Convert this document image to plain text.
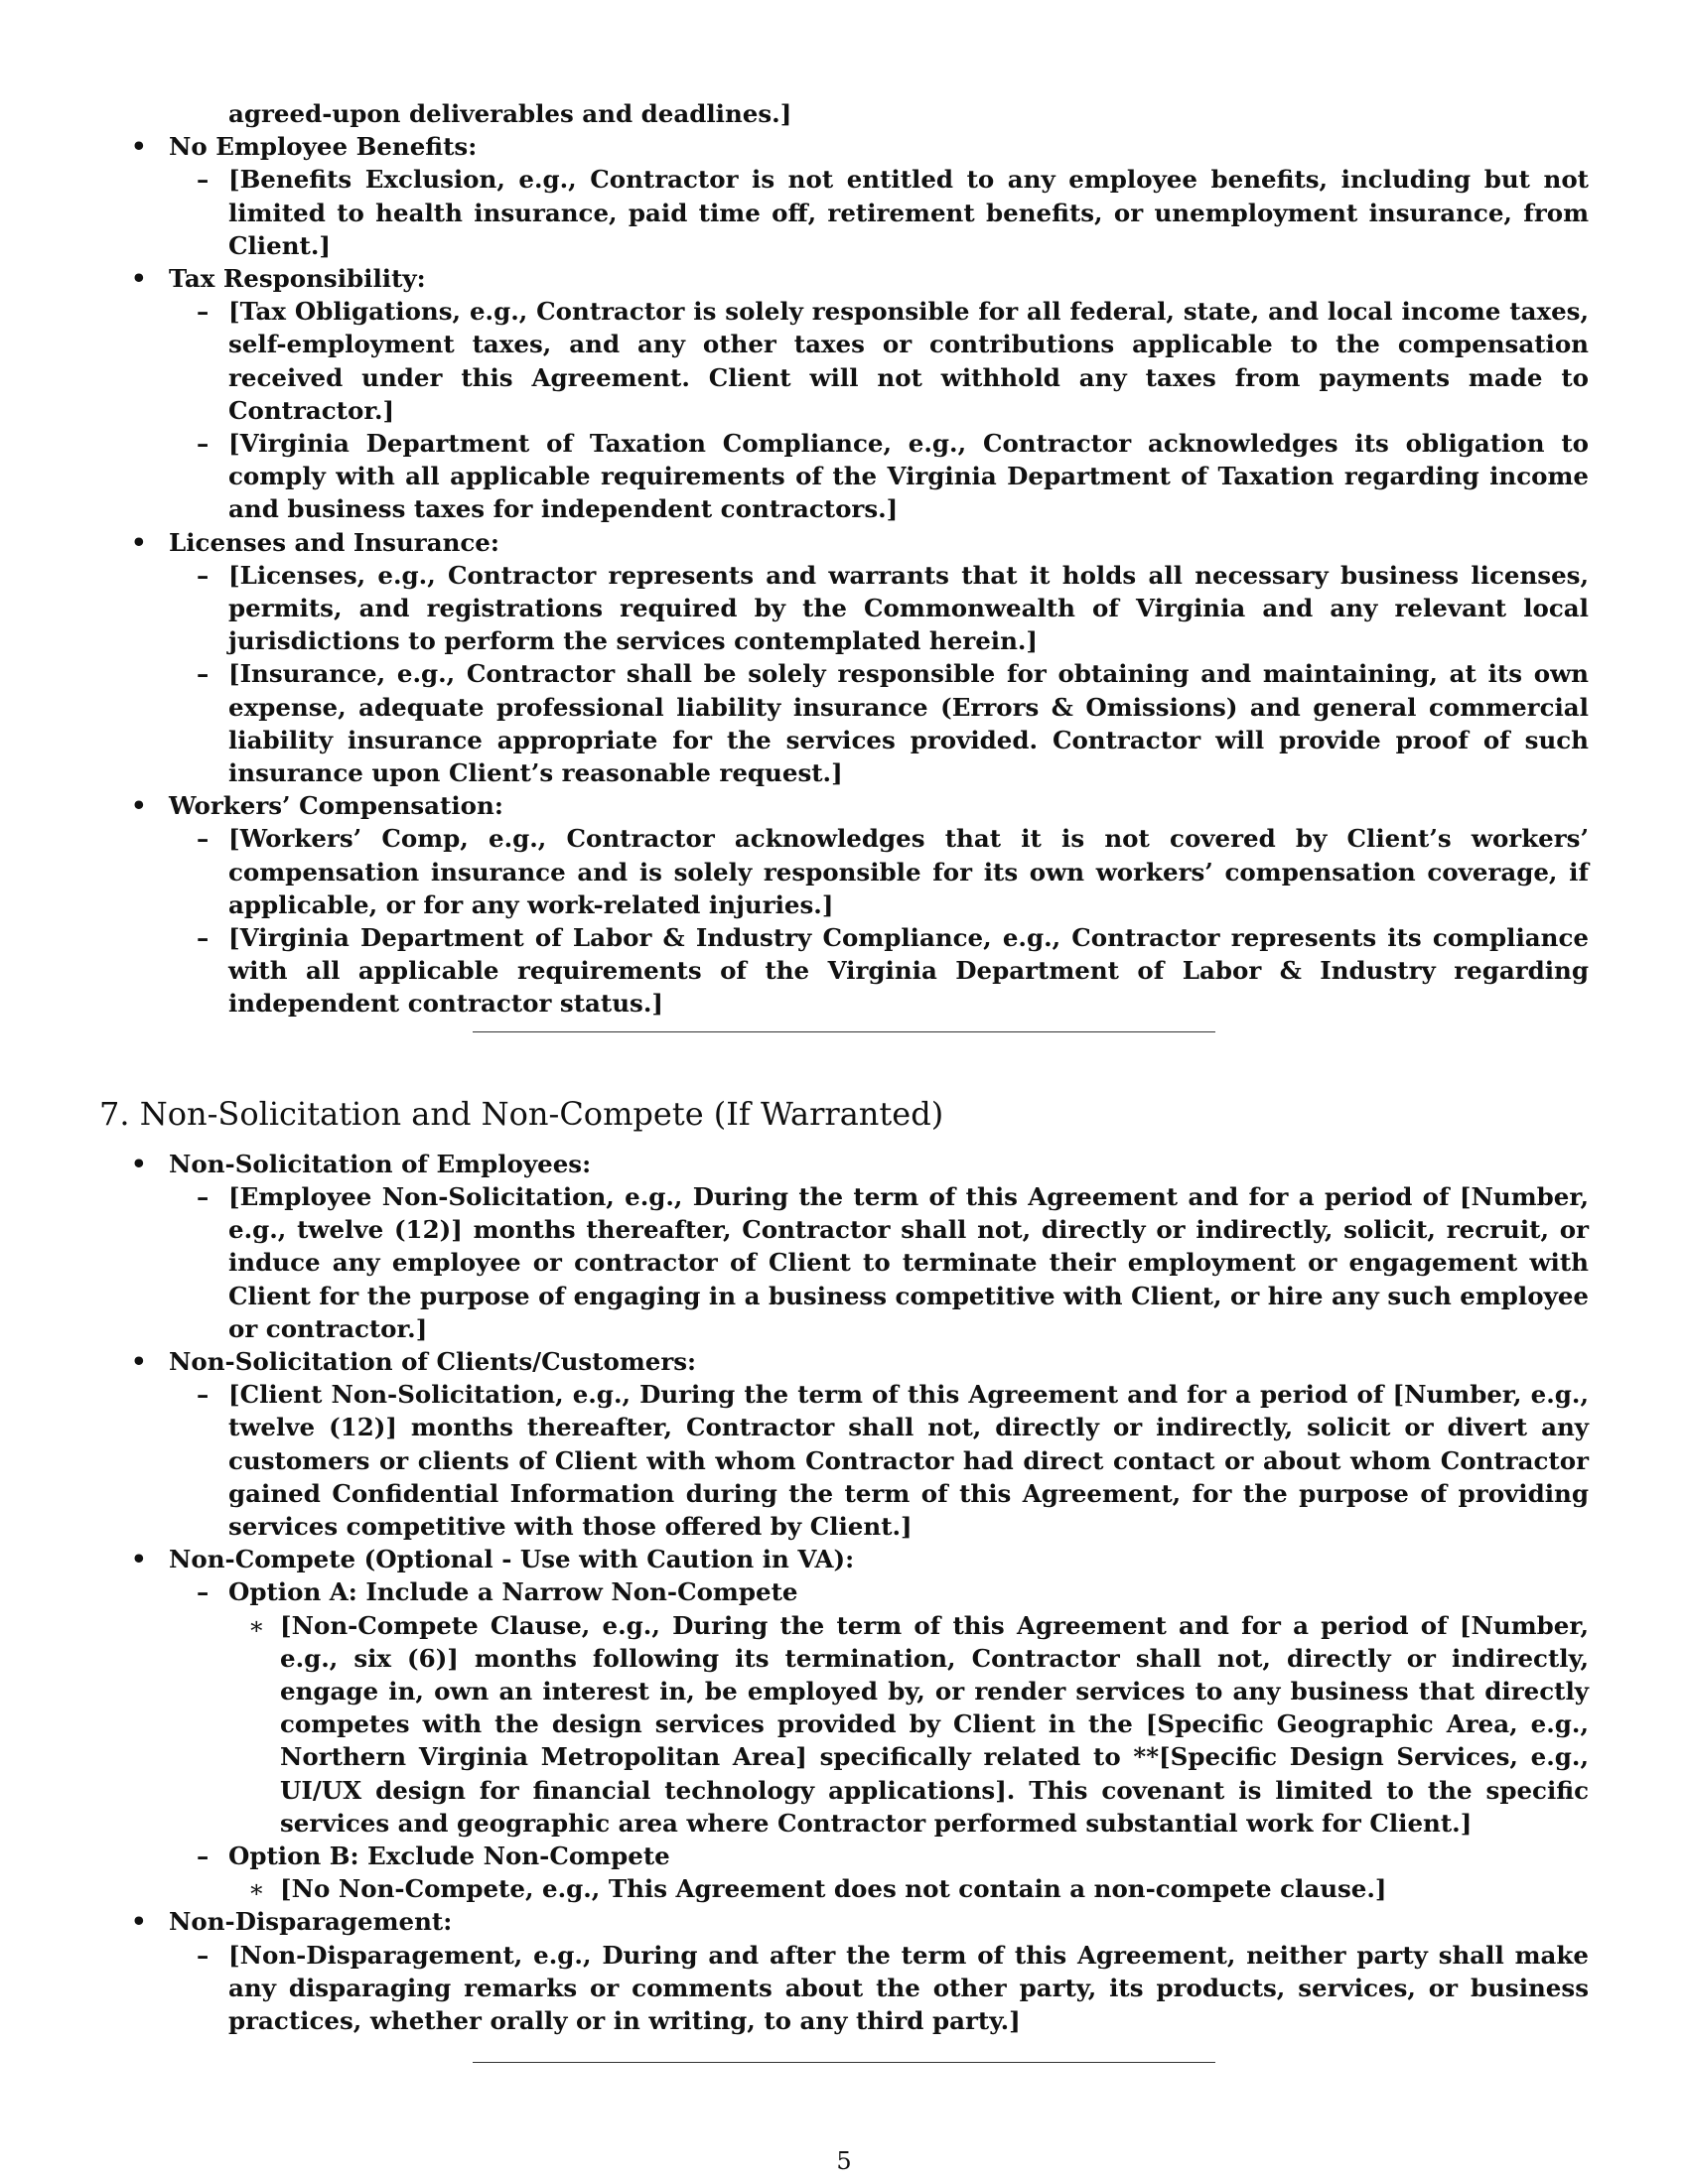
agreed-upon deliverables and deadlines.]
• No Employee Benefits:
– [Benefits Exclusion, e.g., Contractor is not entitled to any employee benefits, including but not limited to health insurance, paid time off, retirement benefits, or unemployment insurance, from Client.]
• Tax Responsibility:
– [Tax Obligations, e.g., Contractor is solely responsible for all federal, state, and local income taxes, self-employment taxes, and any other taxes or contributions applicable to the compensation received under this Agreement. Client will not withhold any taxes from payments made to Contractor.]
– [Virginia Department of Taxation Compliance, e.g., Contractor acknowledges its obligation to comply with all applicable requirements of the Virginia Department of Taxation regarding income and business taxes for independent contractors.]
• Licenses and Insurance:
– [Licenses, e.g., Contractor represents and warrants that it holds all necessary business licenses, permits, and registrations required by the Commonwealth of Virginia and any relevant local jurisdictions to perform the services contemplated herein.]
– [Insurance, e.g., Contractor shall be solely responsible for obtaining and maintaining, at its own expense, adequate professional liability insurance (Errors & Omissions) and general commercial liability insurance appropriate for the services provided. Contractor will provide proof of such insurance upon Client’s reasonable request.]
• Workers’ Compensation:
– [Workers’ Comp, e.g., Contractor acknowledges that it is not covered by Client’s workers’ compensation insurance and is solely responsible for its own workers’ compensation coverage, if applicable, or for any work-related injuries.]
– [Virginia Department of Labor & Industry Compliance, e.g., Contractor represents its compliance with all applicable requirements of the Virginia Department of Labor & Industry regarding independent contractor status.]
7. Non-Solicitation and Non-Compete (If Warranted)
• Non-Solicitation of Employees:
– [Employee Non-Solicitation, e.g., During the term of this Agreement and for a period of [Number, e.g., twelve (12)] months thereafter, Contractor shall not, directly or indirectly, solicit, recruit, or induce any employee or contractor of Client to terminate their employment or engagement with Client for the purpose of engaging in a business competitive with Client, or hire any such employee or contractor.]
• Non-Solicitation of Clients/Customers:
– [Client Non-Solicitation, e.g., During the term of this Agreement and for a period of [Number, e.g., twelve (12)] months thereafter, Contractor shall not, directly or indirectly, solicit or divert any customers or clients of Client with whom Contractor had direct contact or about whom Contractor gained Confidential Information during the term of this Agreement, for the purpose of providing services competitive with those offered by Client.]
• Non-Compete (Optional - Use with Caution in VA):
– Option A: Include a Narrow Non-Compete
∗ [Non-Compete Clause, e.g., During the term of this Agreement and for a period of [Number, e.g., six (6)] months following its termination, Contractor shall not, directly or indirectly, engage in, own an interest in, be employed by, or render services to any business that directly competes with the design services provided by Client in the [Specific Geographic Area, e.g., Northern Virginia Metropolitan Area] specifically related to **[Specific Design Services, e.g., UI/UX design for financial technology applications]. This covenant is limited to the specific services and geographic area where Contractor performed substantial work for Client.]
– Option B: Exclude Non-Compete
∗ [No Non-Compete, e.g., This Agreement does not contain a non-compete clause.]
• Non-Disparagement:
– [Non-Disparagement, e.g., During and after the term of this Agreement, neither party shall make any disparaging remarks or comments about the other party, its products, services, or business practices, whether orally or in writing, to any third party.]
5
